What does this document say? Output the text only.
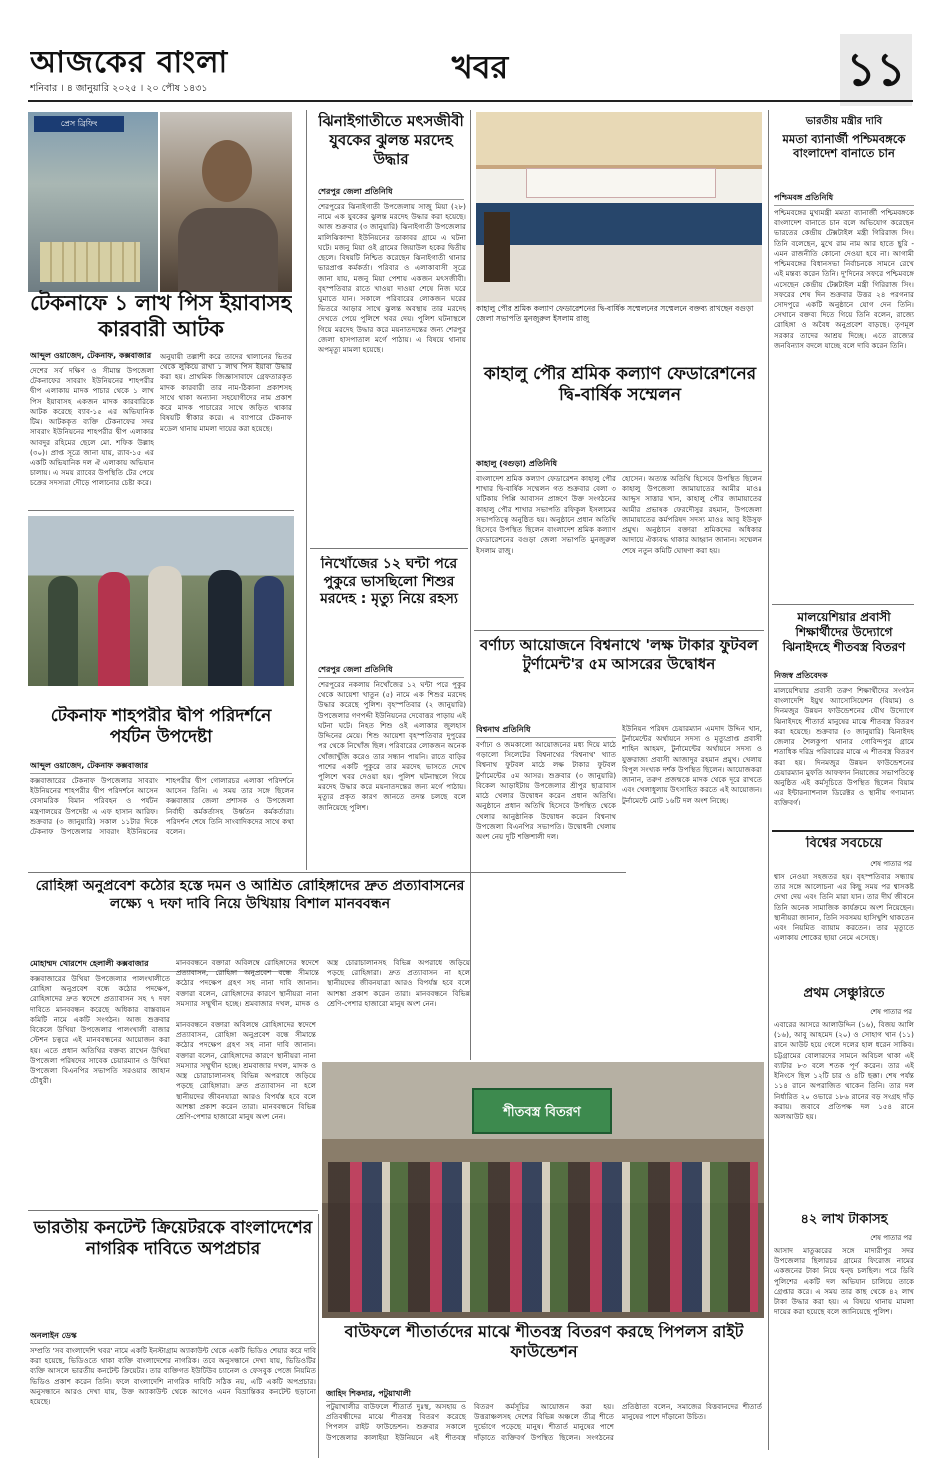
আজকের বাংলা
শনিবার । ৪ জানুয়ারি ২০২৫ । ২০ পৌষ ১৪৩১
খবর	১১
প্রেস ব্রিফিং
টেকনাফে ১ লাখ পিস ইয়াবাসহ কারবারী আটক
আব্দুল ওয়াজেদ, টেকনাফ, কক্সবাজার
দেশের সর্ব দক্ষিণ ও সীমান্ত উপজেলা টেকনাফের সাবরাং ইউনিয়নের শাহপরীর দ্বীপ এলাকায় মাদক পাচার থেকে ১ লাখ পিস ইয়াবাসহ একজন মাদক কারবারিকে আটক করেছে ব্যাব-১৫ এর অভিযানিক টিম। আটককৃত ব্যক্তি টেকনাফের সদর সাবরাং ইউনিয়নের শাহপরীর দ্বীপ এলাকার আবদুর রহিমের ছেলে মো. শফিক উল্লাহ (৩০)। প্রাপ্ত সূত্রে জানা যায়, র‌্যাব-১৫ এর একটি অভিযানিক দল ঐ এলাকায় অভিযান চালায়। এ সময় র‌্যাবের উপস্থিতি টের পেয়ে চক্রের সদস্যরা দৌড়ে পালানোর চেষ্টা করে।
অনুযায়ী তল্লাশী করে তাদের থালানের ভিতর থেকে লুকিয়ে রাখা ১ লাখ পিস ইয়াবা উদ্ধার করা হয়। প্রাথমিক জিজ্ঞাসাবাদে গ্রেফতারকৃত মাদক কারবারী তার নাম-ঠিকানা প্রকাশসহ সাথে থাকা অন্যান্য সহযোগীদের নাম প্রকাশ করে মাদক পাচারের সাথে জড়িত থাকার বিষয়টি স্বীকার করে। এ ব্যাপারে টেকনাফ মডেল থানায় মামলা দায়ের করা হয়েছে।
টেকনাফ শাহপরীর দ্বীপ পরিদর্শনে পর্যটন উপদেষ্টা
আব্দুল ওয়াজেদ, টেকনাফ কক্সবাজার
কক্সবাজারের টেকনাফ উপজেলার সাবরাং ইউনিয়নের শাহপরীর দ্বীপ পরিদর্শনে আসেন বেসামরিক বিমান পরিবহন ও পর্যটন মন্ত্রণালয়ের উপদেষ্টা এ এফ হাসান আরিফ। শুক্রবার (৩ জানুয়ারি) সকাল ১১টার দিকে টেকনাফ উপজেলার সাবরাং ইউনিয়নের শাহপরীর দ্বীপ গোলারচর এলাকা পরিদর্শনে আসেন তিনি। এ সময় তার সঙ্গে ছিলেন কক্সবাজার জেলা প্রশাসক ও উপজেলা নির্বাহী কর্মকর্তাসহ উর্ধ্বতন কর্মকর্তারা। পরিদর্শন শেষে তিনি সাংবাদিকদের সাথে কথা বলেন।
ঝিনাইগাতীতে মৎসজীবী যুবকের ঝুলন্ত মরদেহ উদ্ধার
শেরপুর জেলা প্রতিনিধি
শেরপুরের ঝিনাইগাতী উপজেলায় সাজু মিয়া (২৮) নামে এক যুবকের ঝুলন্ত মরদেহ উদ্ধার করা হয়েছে। আজ শুক্রবার (৩ জানুয়ারি) ঝিনাইগাতী উপজেলার মালিঝিকান্দা ইউনিয়নের ডাকাবর গ্রামে এ ঘটনা ঘটে। মজনু মিয়া ওই গ্রামের জিয়াউল হকের দ্বিতীয় ছেলে। বিষয়টি নিশ্চিত করেছেন ঝিনাইগাতী থানার ভারপ্রাপ্ত কর্মকর্তা। পরিবার ও এলাকাবাসী সূত্রে জানা যায়, মজনু মিয়া পেশায় একজন মৎসজীবী। বৃহস্পতিবার রাতে খাওয়া দাওয়া শেষে নিজ ঘরে ঘুমাতে যান। সকালে পরিবারের লোকজন ঘরের ভিতরে আড়ার সাথে ঝুলন্ত অবস্থায় তার মরদেহ দেখতে পেয়ে পুলিশে খবর দেয়। পুলিশ ঘটনাস্থলে গিয়ে মরদেহ উদ্ধার করে ময়নাতদন্তের জন্য শেরপুর জেলা হাসপাতাল মর্গে পাঠায়। এ বিষয়ে থানায় অপমৃত্যু মামলা হয়েছে।
নিখোঁজের ১২ ঘন্টা পরে পুকুরে ভাসছিলো শিশুর মরদেহ : মৃত্যু নিয়ে রহস্য
শেরপুর জেলা প্রতিনিধি
শেরপুরের নকলায় নিখোঁজের ১২ ঘন্টা পরে পুকুর থেকে আয়েশা খাতুন (৫) নামে এক শিশুর মরদেহ উদ্ধার করেছে পুলিশ। বৃহস্পতিবার (২ জানুয়ারি) উপজেলার গণপদ্দী ইউনিয়নের দেবোত্তর পাড়ায় এই ঘটনা ঘটে। নিহত শিশু ওই এলাকার জুলহাস উদ্দিনের মেয়ে। শিশু আয়েশা বৃহস্পতিবার দুপুরের পর থেকে নিখোঁজ ছিল। পরিবারের লোকজন অনেক খোঁজাখুঁজি করেও তার সন্ধান পায়নি। রাতে বাড়ির পাশের একটি পুকুরে তার মরদেহ ভাসতে দেখে পুলিশে খবর দেওয়া হয়। পুলিশ ঘটনাস্থলে গিয়ে মরদেহ উদ্ধার করে ময়নাতদন্তের জন্য মর্গে পাঠায়। মৃত্যুর প্রকৃত কারণ জানতে তদন্ত চলছে বলে জানিয়েছে পুলিশ।
কাহালু পৌর শ্রমিক কল্যাণ ফেডারেশনের দ্বি-বার্ষিক সম্মেলনের সম্মেলনে বক্তব্য রাখছেন বগুড়া জেলা সভাপতি মুনজুরুল ইসলাম রাজু
কাহালু পৌর শ্রমিক কল্যাণ ফেডারেশনের দ্বি-বার্ষিক সম্মেলন
কাহালু (বগুড়া) প্রতিনিধি
বাংলাদেশ শ্রমিক কল্যাণ ফেডারেশন কাহালু পৌর শাখার দ্বি-বার্ষিক সম্মেলন গত শুক্রবার বেলা ৩ ঘটিকায় পিপ্পি আবাসন প্রাঙ্গণে উক্ত সংগঠনের কাহালু পৌর শাখার সভাপতি রফিকুল ইসলামের সভাপতিত্বে অনুষ্ঠিত হয়। অনুষ্ঠানে প্রধান অতিথি হিসেবে উপস্থিত ছিলেন বাংলাদেশ শ্রমিক কল্যাণ ফেডারেশনের বগুড়া জেলা সভাপতি মুনজুরুল ইসলাম রাজু।
হোসেন। অত্যন্ত অতিথি হিসেবে উপস্থিত ছিলেন কাহালু উপজেলা জামায়াতের আমীর মাওঃ আব্দুস সাত্তার খান, কাহালু পৌর জামায়াতের আমীর প্রভাষক ফেরদৌসুর রহমান, উপজেলা জামায়াতের কর্মপরিষদ সদস্য মাওঃ আবু ইউসুফ প্রমুখ। অনুষ্ঠানে বক্তারা শ্রমিকদের অধিকার আদায়ে ঐক্যবদ্ধ থাকার আহ্বান জানান। সম্মেলন শেষে নতুন কমিটি ঘোষণা করা হয়।
বর্ণাঢ্য আয়োজনে বিশ্বনাথে 'লক্ষ টাকার ফুটবল টুর্ণামেন্ট'র ৫ম আসরের উদ্বোধন
বিশ্বনাথ প্রতিনিধি
বর্ণাঢ্য ও জমকালো আয়োজনের মধ্য দিয়ে মাঠে গড়ালো সিলেটের বিশ্বনাথের 'বিশ্বনাথ' খ্যাত বিশ্বনাথ ফুটবল মাঠে লক্ষ টাকার ফুটবল টুর্ণামেন্টের ৫ম আসর। শুক্রবার (৩ জানুয়ারি) বিকেল আড়াইটায় উপজেলার শ্রীপুর ছাত্রাবাস মাঠে খেলার উদ্বোধন করেন প্রধান অতিথি। অনুষ্ঠানে প্রধান অতিথি হিসেবে উপস্থিত থেকে খেলার আনুষ্ঠানিক উদ্বোধন করেন বিশ্বনাথ উপজেলা বিএনপির সভাপতি। উদ্বোধনী খেলায় অংশ নেয় দুটি শক্তিশালী দল।
ইউনিয়ন পরিষদ চেয়ারম্যান এমদাদ উদ্দিন খান, টুর্নামেন্টের অর্থায়নে সদস্য ও মৃত্যুপ্রাপ্ত প্রবাসী শাহিন আহমদ, টুর্নামেন্টের অর্থায়নে সদস্য ও যুক্তরাজ্য প্রবাসী আজাদুর রহমান প্রমুখ। খেলায় বিপুল সংখ্যক দর্শক উপস্থিত ছিলেন। আয়োজকরা জানান, তরুণ প্রজন্মকে মাদক থেকে দূরে রাখতে এবং খেলাধুলায় উৎসাহিত করতে এই আয়োজন। টুর্নামেন্টে মোট ১৬টি দল অংশ নিচ্ছে।
ভারতীয় মন্ত্রীর দাবি
মমতা ব্যানার্জী পশ্চিমবঙ্গকে বাংলাদেশ বানাতে চান
পশ্চিমবঙ্গ প্রতিনিধি
পশ্চিমবঙ্গের মুখ্যমন্ত্রী মমতা ব্যানার্জী পশ্চিমবঙ্গকে বাংলাদেশ বানাতে চান বলে অভিযোগ করেছেন ভারতের কেন্দ্রীয় টেক্সটাইল মন্ত্রী গিরিরাজ সিং। তিনি বলেছেন, মুখে রাম নাম আর হাতে ছুরি - এমন রাজনীতি কোনো দেওয়া হবে না। আগামী পশ্চিমবঙ্গের বিধানসভা নির্বাচনকে সামনে রেখে এই মন্তব্য করেন তিনি। দু'দিনের সফরে পশ্চিমবঙ্গে এসেছেন কেন্দ্রীয় টেক্সটাইল মন্ত্রী গিরিরাজ সিং। সফরের শেষ দিন শুক্রবার উত্তর ২৪ পরগনার সোদপুরে একটি অনুষ্ঠানে যোগ দেন তিনি। সেখানে বক্তব্য দিতে গিয়ে তিনি বলেন, রাজ্যে রোহিঙ্গা ও অবৈধ অনুপ্রবেশ বাড়ছে। তৃণমূল সরকার তাদের আশ্রয় দিচ্ছে। এতে রাজ্যের জনবিন্যাস বদলে যাচ্ছে বলে দাবি করেন তিনি।
মালয়েশিয়ার প্রবাসী শিক্ষার্থীদের উদ্যোগে ঝিনাইদহে শীতবস্ত্র বিতরণ
নিজস্ব প্রতিবেদক
মালয়েশিয়ার প্রবাসী তরুণ শিক্ষার্থীদের সংগঠন বাংলাদেশি ইয়ুথ অ্যাসোসিয়েশন (বিয়াম) ও দিনমজুর উন্নয়ন ফাউন্ডেশনের যৌথ উদ্যোগে ঝিনাইদহে শীতার্ত মানুষের মাঝে শীতবস্ত্র বিতরণ করা হয়েছে। শুক্রবার (৩ জানুয়ারি) ঝিনাইদহ জেলার শৈলকুপা থানার গোবিন্দপুর গ্রামে শতাধিক দরিদ্র পরিবারের মাঝে এ শীতবস্ত্র বিতরণ করা হয়। দিনমজুর উন্নয়ন ফাউন্ডেশনের চেয়ারম্যান মুফতি আফফান নিয়াজের সভাপতিত্বে অনুষ্ঠিত এই কর্মসূচিতে উপস্থিত ছিলেন বিয়াম এর ইন্টারন্যাশনাল ডিরেক্টর ও স্থানীয় গণ্যমান্য ব্যক্তিবর্গ।
বিশ্বের সবচেয়ে
শেষ পাতার পর
শ্বাস নেওয়া সহজতর হয়। বৃহস্পতিবার সন্ধ্যায় তার সঙ্গে আলোচনা এর কিছু সময় পর শ্বাসকষ্ট দেখা দেয় এবং তিনি মারা যান। তার দীর্ঘ জীবনে তিনি অনেক সামাজিক কার্যক্রমে অংশ নিয়েছেন। স্থানীয়রা জানান, তিনি সবসময় হাসিখুশি থাকতেন এবং নিয়মিত ব্যায়াম করতেন। তার মৃত্যুতে এলাকায় শোকের ছায়া নেমে এসেছে।
প্রথম সেঞ্চুরিতে
শেষ পাতার পর
এবারের আসরে আলাউদ্দিন (১৬), বিজয় আলি (১৬), আবু আহমেদ (২০) ও সোহাগ খান (১১) রানে আউট হয়ে গেলে দলের হাল ধরেন সাকিব। চট্টগ্রামের বোলারদের সামনে অবিচল থাকা এই ব্যাটার ৮৩ বলে শতক পূর্ণ করেন। তার এই ইনিংসে ছিল ১২টি চার ও ৪টি ছক্কা। শেষ পর্যন্ত ১১৪ রানে অপরাজিত থাকেন তিনি। তার দল নির্ধারিত ২০ ওভারে ১৮৬ রানের বড় সংগ্রহ দাঁড় করায়। জবাবে প্রতিপক্ষ দল ১৫৪ রানে অলআউট হয়।
৪২ লাখ টাকাসহ
শেষ পাতার পর
আসাদ মাতুব্বরের সঙ্গে মাদারীপুর সদর উপজেলার ছিলারচর গ্রামের ফিরোজ নামের একজনের টাকা নিয়ে দ্বন্দ্ব চলছিল। পরে ডিবি পুলিশের একটি দল অভিযান চালিয়ে তাকে গ্রেপ্তার করে। এ সময় তার কাছ থেকে ৪২ লাখ টাকা উদ্ধার করা হয়। এ বিষয়ে থানায় মামলা দায়ের করা হয়েছে বলে জানিয়েছে পুলিশ।
রোহিঙ্গা অনুপ্রবেশ কঠোর হস্তে দমন ও আশ্রিত রোহিঙ্গাদের দ্রুত প্রত্যাবাসনের লক্ষ্যে ৭ দফা দাবি নিয়ে উখিয়ায় বিশাল মানববন্ধন
মোহাম্মদ খোরশেদ হেলালী কক্সবাজার
কক্সবাজারের উখিয়া উপজেলার পালংখালীতে রোহিঙ্গা অনুপ্রবেশ বন্ধে কঠোর পদক্ষেপ, রোহিঙ্গাদের দ্রুত স্বদেশে প্রত্যাবাসন সহ ৭ দফা দাবিতে মানববন্ধন করেছে অধিকার বাস্তবায়ন কমিটি নামে একটি সংগঠন। আজ শুক্রবার বিকেলে উখিয়া উপজেলার পালংখালী বাজার স্টেশন চত্বরে এই মানববন্ধনের আয়োজন করা হয়। এতে প্রধান অতিথির বক্তব্য রাখেন উখিয়া উপজেলা পরিষদের সাবেক চেয়ারম্যান ও উখিয়া উপজেলা বিএনপির সভাপতি সরওয়ার জাহান চৌধুরী।
মানববন্ধনে বক্তারা অবিলম্বে রোহিঙ্গাদের স্বদেশে প্রত্যাবাসন, রোহিঙ্গা অনুপ্রবেশ বন্ধে সীমান্তে কঠোর পদক্ষেপ গ্রহণ সহ নানা দাবি জানান। বক্তারা বলেন, রোহিঙ্গাদের কারণে স্থানীয়রা নানা সমস্যার সম্মুখীন হচ্ছে। শ্রমবাজার দখল, মাদক ও অস্ত্র চোরাচালানসহ বিভিন্ন অপরাধে জড়িয়ে পড়ছে রোহিঙ্গারা। দ্রুত প্রত্যাবাসন না হলে স্থানীয়দের জীবনযাত্রা আরও বিপর্যস্ত হবে বলে আশঙ্কা প্রকাশ করেন তারা। মানববন্ধনে বিভিন্ন শ্রেণি-পেশার হাজারো মানুষ অংশ নেন।
মানববন্ধনে বক্তারা অবিলম্বে রোহিঙ্গাদের স্বদেশে প্রত্যাবাসন, রোহিঙ্গা অনুপ্রবেশ বন্ধে সীমান্তে কঠোর পদক্ষেপ গ্রহণ সহ নানা দাবি জানান। বক্তারা বলেন, রোহিঙ্গাদের কারণে স্থানীয়রা নানা সমস্যার সম্মুখীন হচ্ছে। শ্রমবাজার দখল, মাদক ও অস্ত্র চোরাচালানসহ বিভিন্ন অপরাধে জড়িয়ে পড়ছে রোহিঙ্গারা। দ্রুত প্রত্যাবাসন না হলে স্থানীয়দের জীবনযাত্রা আরও বিপর্যস্ত হবে বলে আশঙ্কা প্রকাশ করেন তারা। মানববন্ধনে বিভিন্ন শ্রেণি-পেশার হাজারো মানুষ অংশ নেন।	শীতবস্ত্র বিতরণ
বাউফলে শীতার্তদের মাঝে শীতবস্ত্র বিতরণ করছে পিপলস রাইট ফাউন্ডেশন
জাহিদ শিকদার, পটুয়াখালী
পটুয়াখালীর বাউফলে শীতার্ত দুঃস্থ, অসহায় ও প্রতিবন্ধীদের মাঝে শীতবস্ত্র বিতরণ করেছে পিপলস রাইট ফাউন্ডেশন। শুক্রবার সকালে উপজেলার কালাইয়া ইউনিয়নে এই শীতবস্ত্র বিতরণ কর্মসূচির আয়োজন করা হয়। উত্তরাঞ্চলসহ দেশের বিভিন্ন অঞ্চলে তীব্র শীতে দুর্ভোগে পড়েছে মানুষ। শীতার্ত মানুষের পাশে দাঁড়াতে ব্যক্তিবর্গ উপস্থিত ছিলেন। সংগঠনের প্রতিষ্ঠাতা বলেন, সমাজের বিত্তবানদের শীতার্ত মানুষের পাশে দাঁড়ানো উচিত।
ভারতীয় কনটেন্ট ক্রিয়েটরকে বাংলাদেশের নাগরিক দাবিতে অপপ্রচার
অনলাইন ডেস্ক
সম্প্রতি 'সব বাংলাদেশি খবর' নামে একটি ইনস্টাগ্রাম অ্যাকাউন্ট থেকে একটি ভিডিও শেয়ার করে দাবি করা হয়েছে, ভিডিওতে থাকা ব্যক্তি বাংলাদেশের নাগরিক। তবে অনুসন্ধানে দেখা যায়, ভিডিওটির ব্যক্তি আসলে ভারতীয় কনটেন্ট ক্রিয়েটর। তার ব্যক্তিগত ইউটিউব চ্যানেল ও ফেসবুক পেজে নিয়মিত ভিডিও প্রকাশ করেন তিনি। ফলে বাংলাদেশি নাগরিক দাবিটি সঠিক নয়, এটি একটি অপপ্রচার। অনুসন্ধানে আরও দেখা যায়, উক্ত অ্যাকাউন্ট থেকে আগেও এমন বিভ্রান্তিকর কনটেন্ট ছড়ানো হয়েছে।
